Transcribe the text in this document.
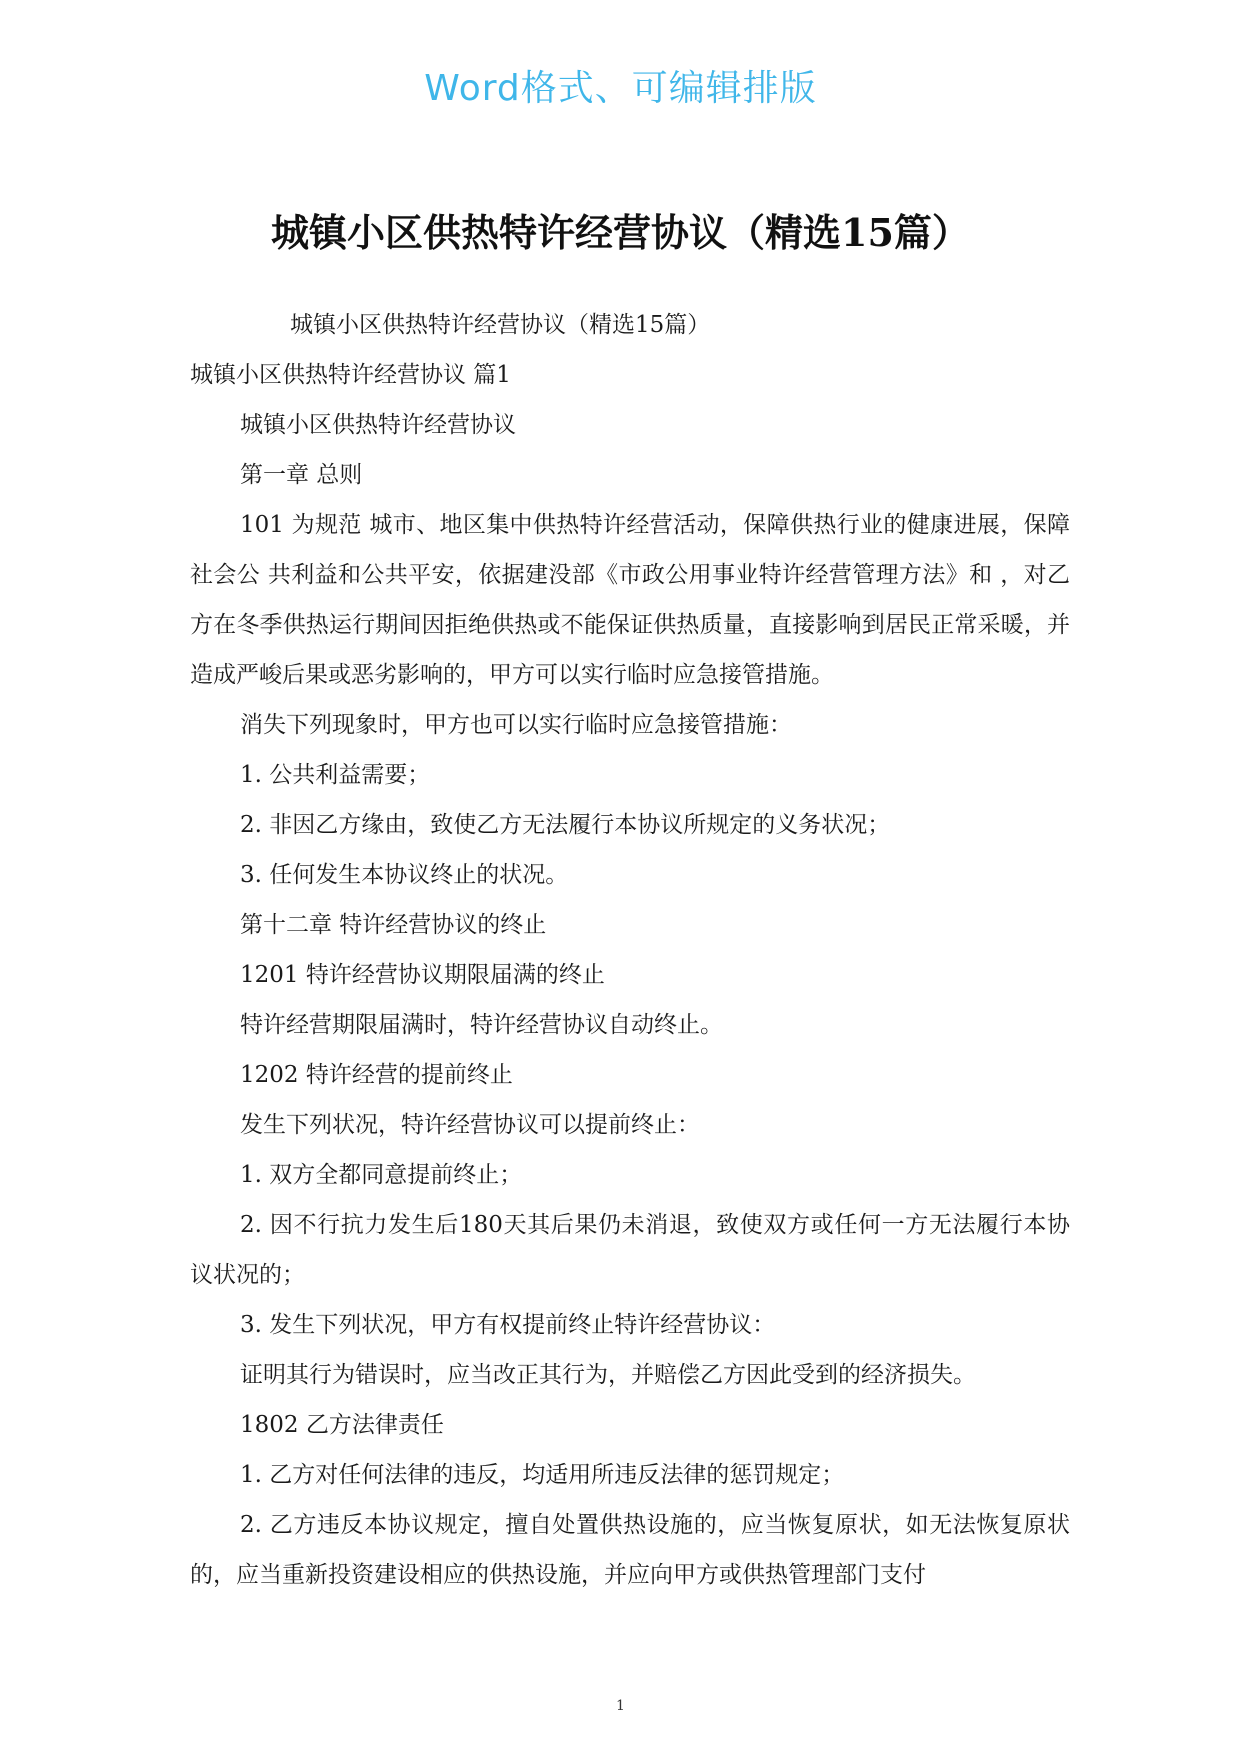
Word格式、可编辑排版
城镇小区供热特许经营协议（精选15篇）

城镇小区供热特许经营协议（精选15篇）

城镇小区供热特许经营协议 篇1

城镇小区供热特许经营协议

第一章 总则

101 为规范 城市、地区集中供热特许经营活动，保障供热行业的健康进展，保障社会公 共利益和公共平安，依据建没部《市政公用事业特许经营管理方法》和 ，对乙方在冬季供热运行期间因拒绝供热或不能保证供热质量，直接影响到居民正常采暖，并造成严峻后果或恶劣影响的，甲方可以实行临时应急接管措施。

消失下列现象时，甲方也可以实行临时应急接管措施：

1. 公共利益需要；

2. 非因乙方缘由，致使乙方无法履行本协议所规定的义务状况；

3. 任何发生本协议终止的状况。

第十二章 特许经营协议的终止

1201 特许经营协议期限届满的终止

特许经营期限届满时，特许经营协议自动终止。

1202 特许经营的提前终止

发生下列状况，特许经营协议可以提前终止：

1. 双方全都同意提前终止；

2. 因不行抗力发生后180天其后果仍未消退，致使双方或任何一方无法履行本协议状况的；

3. 发生下列状况，甲方有权提前终止特许经营协议：

证明其行为错误时，应当改正其行为，并赔偿乙方因此受到的经济损失。

1802 乙方法律责任

1. 乙方对任何法律的违反，均适用所违反法律的惩罚规定；

2. 乙方违反本协议规定，擅自处置供热设施的，应当恢复原状，如无法恢复原状的，应当重新投资建设相应的供热设施，并应向甲方或供热管理部门支付

1
